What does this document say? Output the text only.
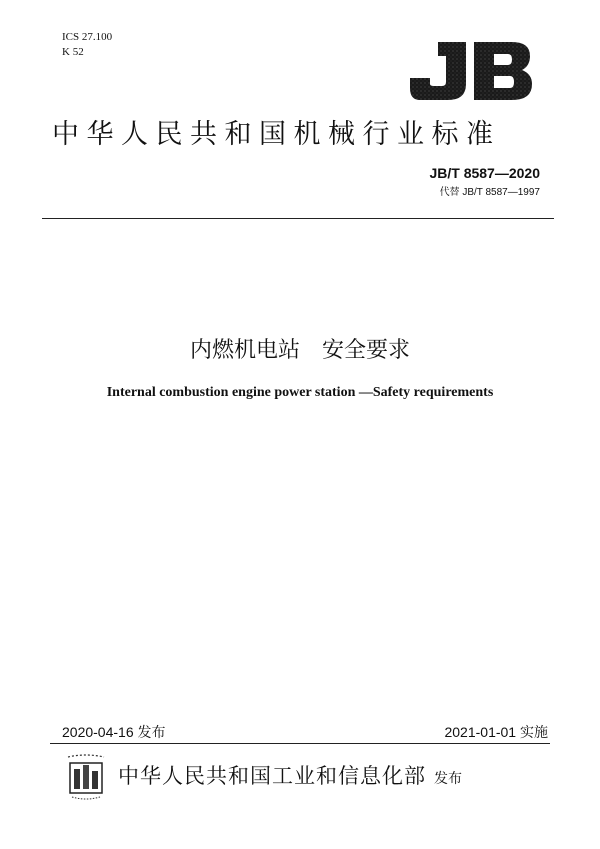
ICS 27.100
K 52
中华人民共和国机械行业标准
JB/T 8587—2020
代替 JB/T 8587—1997
内燃机电站　安全要求
Internal combustion engine power station —Safety requirements
2020-04-16 发布	2021-01-01 实施
中华人民共和国工业和信息化部 发布
